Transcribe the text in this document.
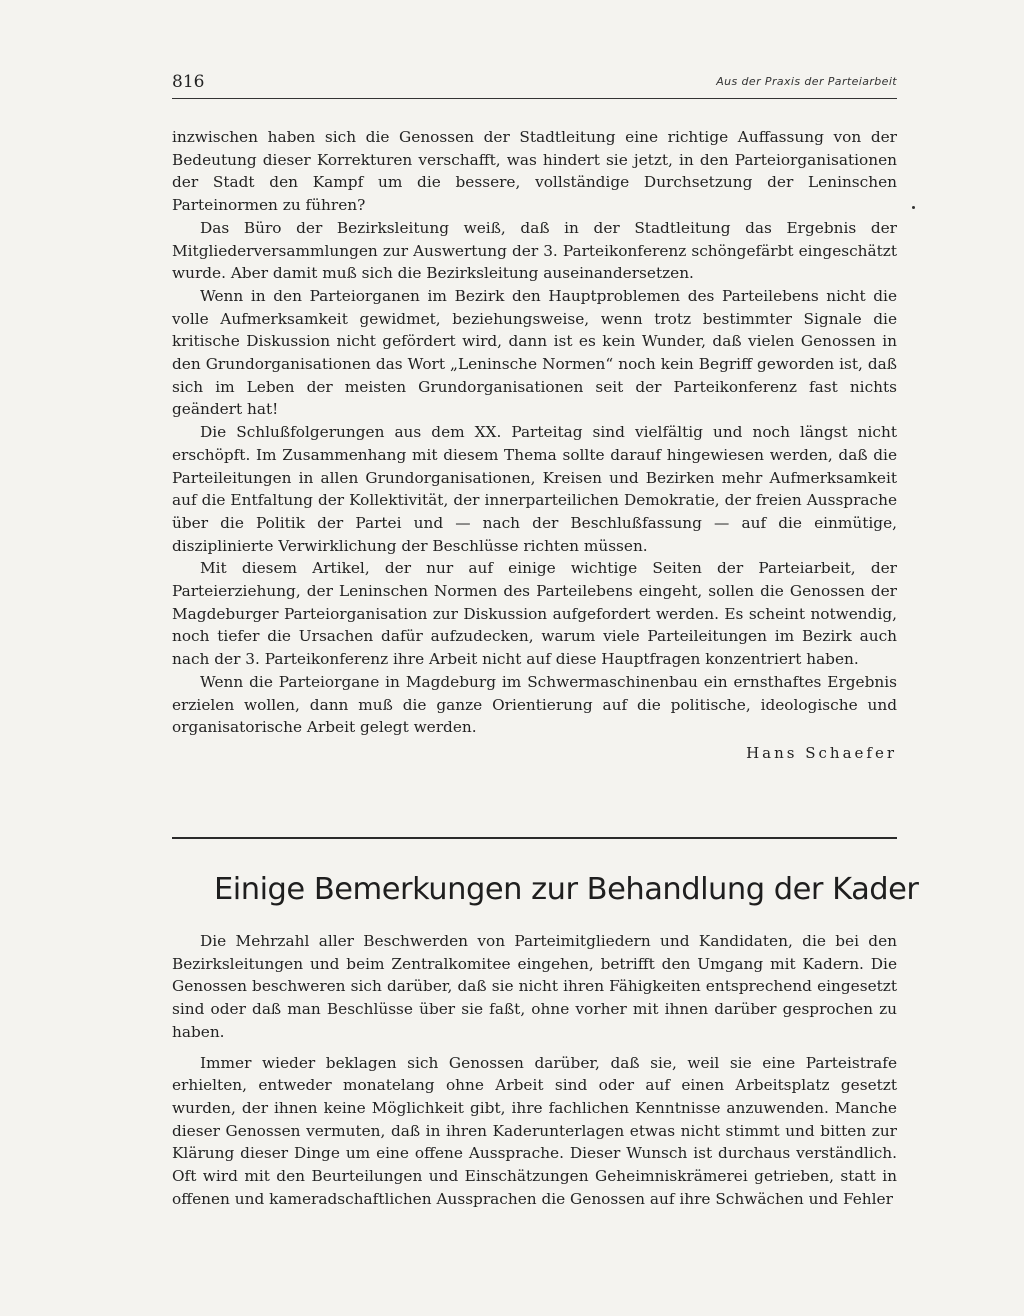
816	Aus der Praxis der Parteiarbeit

inzwischen haben sich die Genossen der Stadtleitung eine richtige Auffassung von der Bedeutung dieser Korrekturen verschafft, was hindert sie jetzt, in den Parteiorganisationen der Stadt den Kampf um die bessere, vollständige Durchsetzung der Leninschen Parteinormen zu führen?

Das Büro der Bezirksleitung weiß, daß in der Stadtleitung das Ergebnis der Mitgliederversammlungen zur Auswertung der 3. Parteikonferenz schöngefärbt eingeschätzt wurde. Aber damit muß sich die Bezirksleitung auseinandersetzen.

Wenn in den Parteiorganen im Bezirk den Hauptproblemen des Parteilebens nicht die volle Aufmerksamkeit gewidmet, beziehungsweise, wenn trotz bestimmter Signale die kritische Diskussion nicht gefördert wird, dann ist es kein Wunder, daß vielen Genossen in den Grundorganisationen das Wort „Leninsche Normen“ noch kein Begriff geworden ist, daß sich im Leben der meisten Grundorganisationen seit der Parteikonferenz fast nichts geändert hat!

Die Schlußfolgerungen aus dem XX. Parteitag sind vielfältig und noch längst nicht erschöpft. Im Zusammenhang mit diesem Thema sollte darauf hingewiesen werden, daß die Parteileitungen in allen Grundorganisationen, Kreisen und Bezirken mehr Aufmerksamkeit auf die Entfaltung der Kollektivität, der innerparteilichen Demokratie, der freien Aussprache über die Politik der Partei und — nach der Beschlußfassung — auf die einmütige, disziplinierte Verwirklichung der Beschlüsse richten müssen.

Mit diesem Artikel, der nur auf einige wichtige Seiten der Parteiarbeit, der Parteierziehung, der Leninschen Normen des Parteilebens eingeht, sollen die Genossen der Magdeburger Parteiorganisation zur Diskussion aufgefordert werden. Es scheint notwendig, noch tiefer die Ursachen dafür aufzudecken, warum viele Parteileitungen im Bezirk auch nach der 3. Parteikonferenz ihre Arbeit nicht auf diese Hauptfragen konzentriert haben.

Wenn die Parteiorgane in Magdeburg im Schwermaschinenbau ein ernsthaftes Ergebnis erzielen wollen, dann muß die ganze Orientierung auf die politische, ideologische und organisatorische Arbeit gelegt werden.

Hans Schaefer

Einige Bemerkungen zur Behandlung der Kader

Die Mehrzahl aller Beschwerden von Parteimitgliedern und Kandidaten, die bei den Bezirksleitungen und beim Zentralkomitee eingehen, betrifft den Umgang mit Kadern. Die Genossen beschweren sich darüber, daß sie nicht ihren Fähigkeiten entsprechend eingesetzt sind oder daß man Beschlüsse über sie faßt, ohne vorher mit ihnen darüber gesprochen zu haben.

Immer wieder beklagen sich Genossen darüber, daß sie, weil sie eine Parteistrafe erhielten, entweder monatelang ohne Arbeit sind oder auf einen Arbeitsplatz gesetzt wurden, der ihnen keine Möglichkeit gibt, ihre fachlichen Kenntnisse anzuwenden. Manche dieser Genossen vermuten, daß in ihren Kaderunterlagen etwas nicht stimmt und bitten zur Klärung dieser Dinge um eine offene Aussprache. Dieser Wunsch ist durchaus verständlich. Oft wird mit den Beurteilungen und Einschätzungen Geheimniskrämerei getrieben, statt in offenen und kameradschaftlichen Aussprachen die Genossen auf ihre Schwächen und Fehler
